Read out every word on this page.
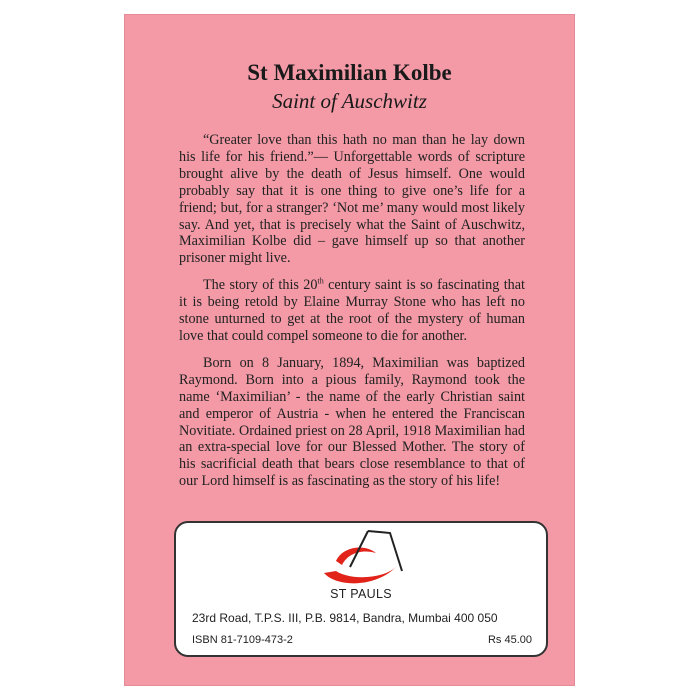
St Maximilian Kolbe
Saint of Auschwitz

“Greater love than this hath no man than he lay down his life for his friend.”— Unforgettable words of scripture brought alive by the death of Jesus himself. One would probably say that it is one thing to give one’s life for a friend; but, for a stranger? ‘Not me’ many would most likely say. And yet, that is precisely what the Saint of Auschwitz, Maximilian Kolbe did – gave himself up so that another prisoner might live.

The story of this 20th century saint is so fascinating that it is being retold by Elaine Murray Stone who has left no stone unturned to get at the root of the mystery of human love that could compel someone to die for another.

Born on 8 January, 1894, Maximilian was baptized Raymond. Born into a pious family, Raymond took the name ‘Maximilian’ - the name of the early Christian saint and emperor of Austria - when he entered the Franciscan Novitiate. Ordained priest on 28 April, 1918 Maximilian had an extra-special love for our Blessed Mother. The story of his sacrificial death that bears close resemblance to that of our Lord himself is as fascinating as the story of his life!

ST PAULS
23rd Road, T.P.S. III, P.B. 9814, Bandra, Mumbai 400 050
ISBN 81-7109-473-2	Rs 45.00
